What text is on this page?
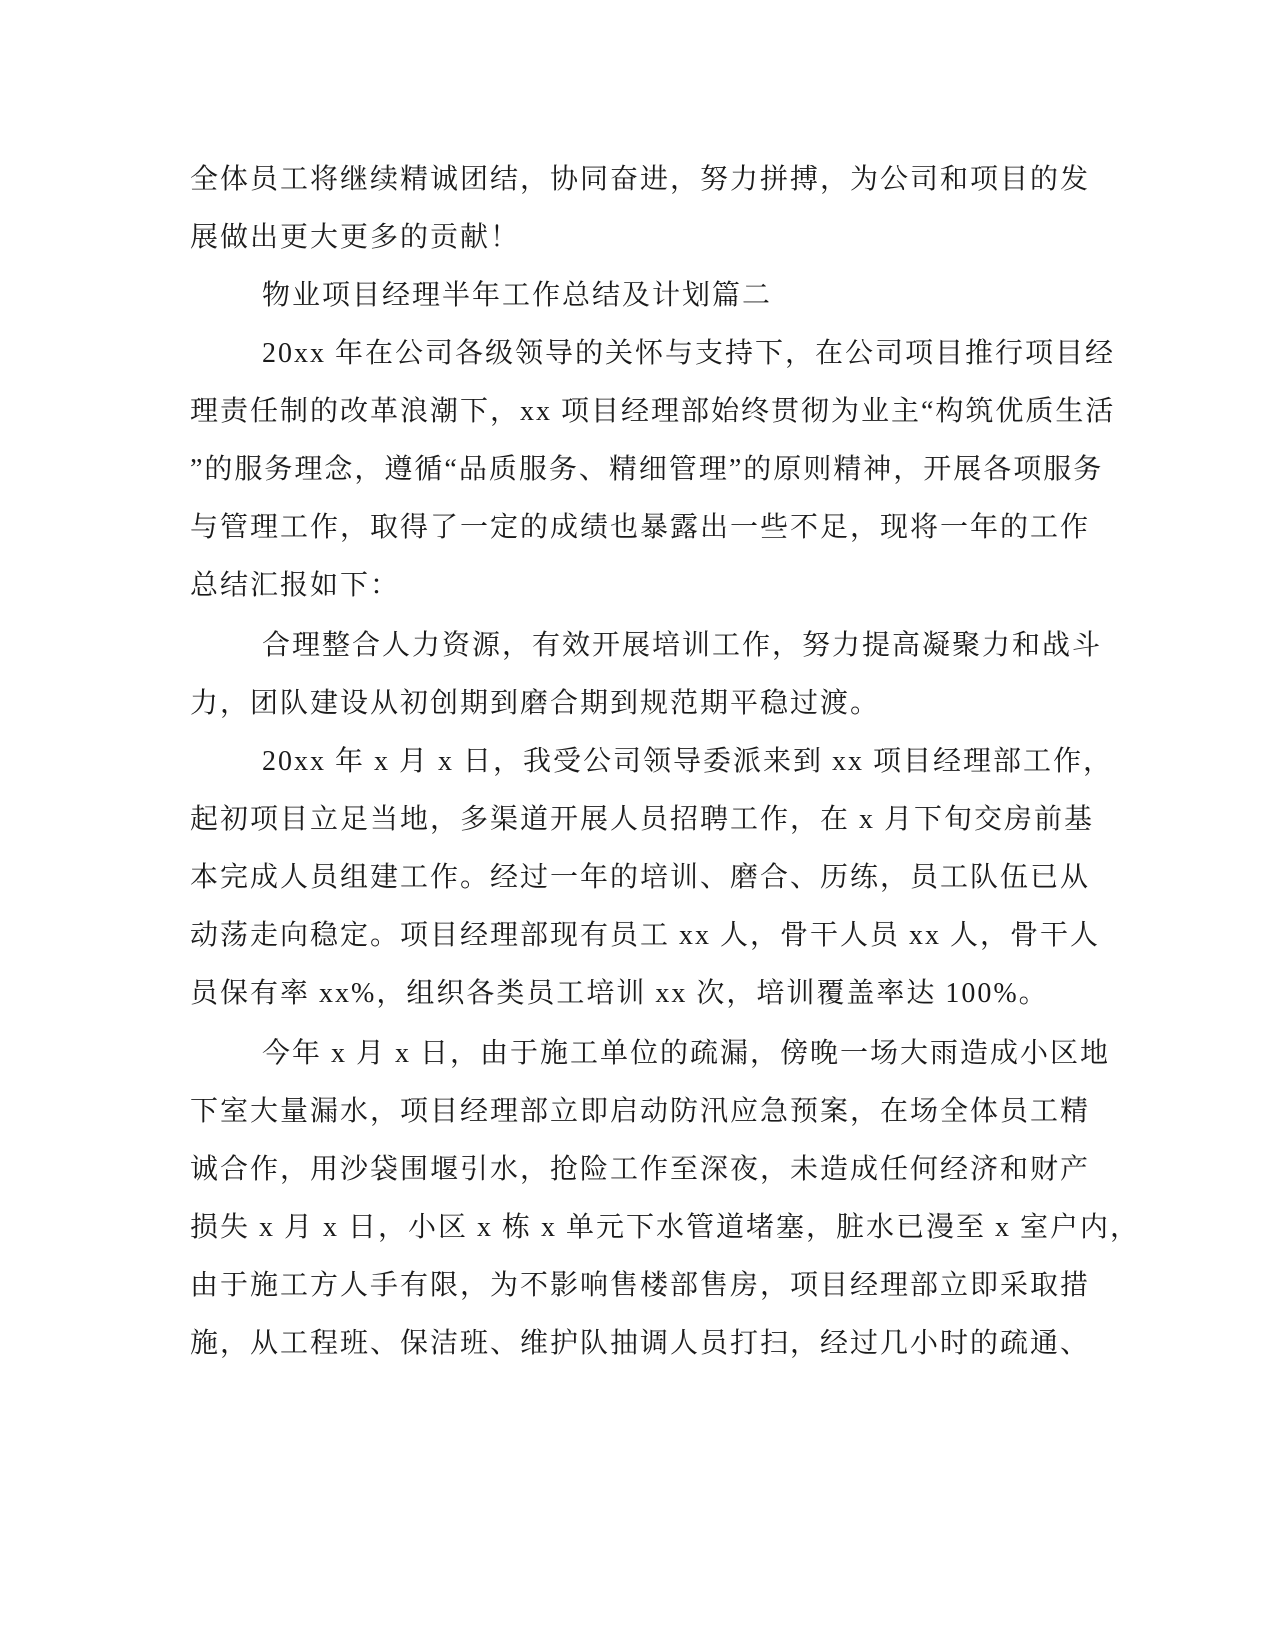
全体员工将继续精诚团结，协同奋进，努力拼搏，为公司和项目的发

展做出更大更多的贡献！

物业项目经理半年工作总结及计划篇二

20xx 年在公司各级领导的关怀与支持下，在公司项目推行项目经

理责任制的改革浪潮下，xx 项目经理部始终贯彻为业主“构筑优质生活

”的服务理念，遵循“品质服务、精细管理”的原则精神，开展各项服务

与管理工作，取得了一定的成绩也暴露出一些不足，现将一年的工作

总结汇报如下：

合理整合人力资源，有效开展培训工作，努力提高凝聚力和战斗

力，团队建设从初创期到磨合期到规范期平稳过渡。

20xx 年 x 月 x 日，我受公司领导委派来到 xx 项目经理部工作，

起初项目立足当地，多渠道开展人员招聘工作，在 x 月下旬交房前基

本完成人员组建工作。经过一年的培训、磨合、历练，员工队伍已从

动荡走向稳定。项目经理部现有员工 xx 人，骨干人员 xx 人，骨干人

员保有率 xx%，组织各类员工培训 xx 次，培训覆盖率达 100%。

今年 x 月 x 日，由于施工单位的疏漏，傍晚一场大雨造成小区地

下室大量漏水，项目经理部立即启动防汛应急预案，在场全体员工精

诚合作，用沙袋围堰引水，抢险工作至深夜，未造成任何经济和财产

损失 x 月 x 日，小区 x 栋 x 单元下水管道堵塞，脏水已漫至 x 室户内，

由于施工方人手有限，为不影响售楼部售房，项目经理部立即采取措

施，从工程班、保洁班、维护队抽调人员打扫，经过几小时的疏通、
